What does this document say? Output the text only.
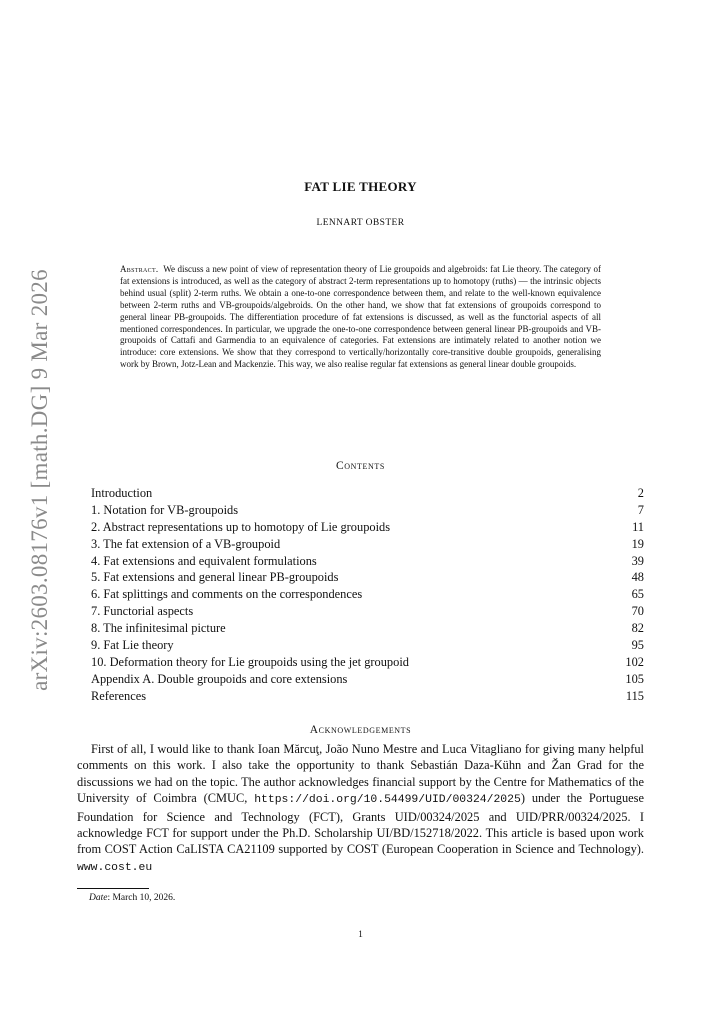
arXiv:2603.08176v1 [math.DG] 9 Mar 2026
FAT LIE THEORY
LENNART OBSTER
Abstract. We discuss a new point of view of representation theory of Lie groupoids and algebroids: fat Lie theory. The category of fat extensions is introduced, as well as the category of abstract 2-term representations up to homotopy (ruths) — the intrinsic objects behind usual (split) 2-term ruths. We obtain a one-to-one correspondence between them, and relate to the well-known equivalence between 2-term ruths and VB-groupoids/algebroids. On the other hand, we show that fat extensions of groupoids correspond to general linear PB-groupoids. The differentiation procedure of fat extensions is discussed, as well as the functorial aspects of all mentioned correspondences. In particular, we upgrade the one-to-one correspondence between general linear PB-groupoids and VB-groupoids of Cattafi and Garmendia to an equivalence of categories. Fat extensions are intimately related to another notion we introduce: core extensions. We show that they correspond to vertically/horizontally core-transitive double groupoids, generalising work by Brown, Jotz-Lean and Mackenzie. This way, we also realise regular fat extensions as general linear double groupoids.
Contents
Introduction	2
1. Notation for VB-groupoids	7
2. Abstract representations up to homotopy of Lie groupoids	11
3. The fat extension of a VB-groupoid	19
4. Fat extensions and equivalent formulations	39
5. Fat extensions and general linear PB-groupoids	48
6. Fat splittings and comments on the correspondences	65
7. Functorial aspects	70
8. The infinitesimal picture	82
9. Fat Lie theory	95
10. Deformation theory for Lie groupoids using the jet groupoid	102
Appendix A. Double groupoids and core extensions	105
References	115
Acknowledgements
First of all, I would like to thank Ioan Mărcuţ, João Nuno Mestre and Luca Vitagliano for giving many helpful comments on this work. I also take the opportunity to thank Sebastián Daza-Kühn and Žan Grad for the discussions we had on the topic. The author acknowledges financial support by the Centre for Mathematics of the University of Coimbra (CMUC, https://doi.org/10.54499/UID/00324/2025) under the Portuguese Foundation for Science and Technology (FCT), Grants UID/00324/2025 and UID/PRR/00324/2025. I acknowledge FCT for support under the Ph.D. Scholarship UI/BD/152718/2022. This article is based upon work from COST Action CaLISTA CA21109 supported by COST (European Cooperation in Science and Technology). www.cost.eu
Date: March 10, 2026.
1
